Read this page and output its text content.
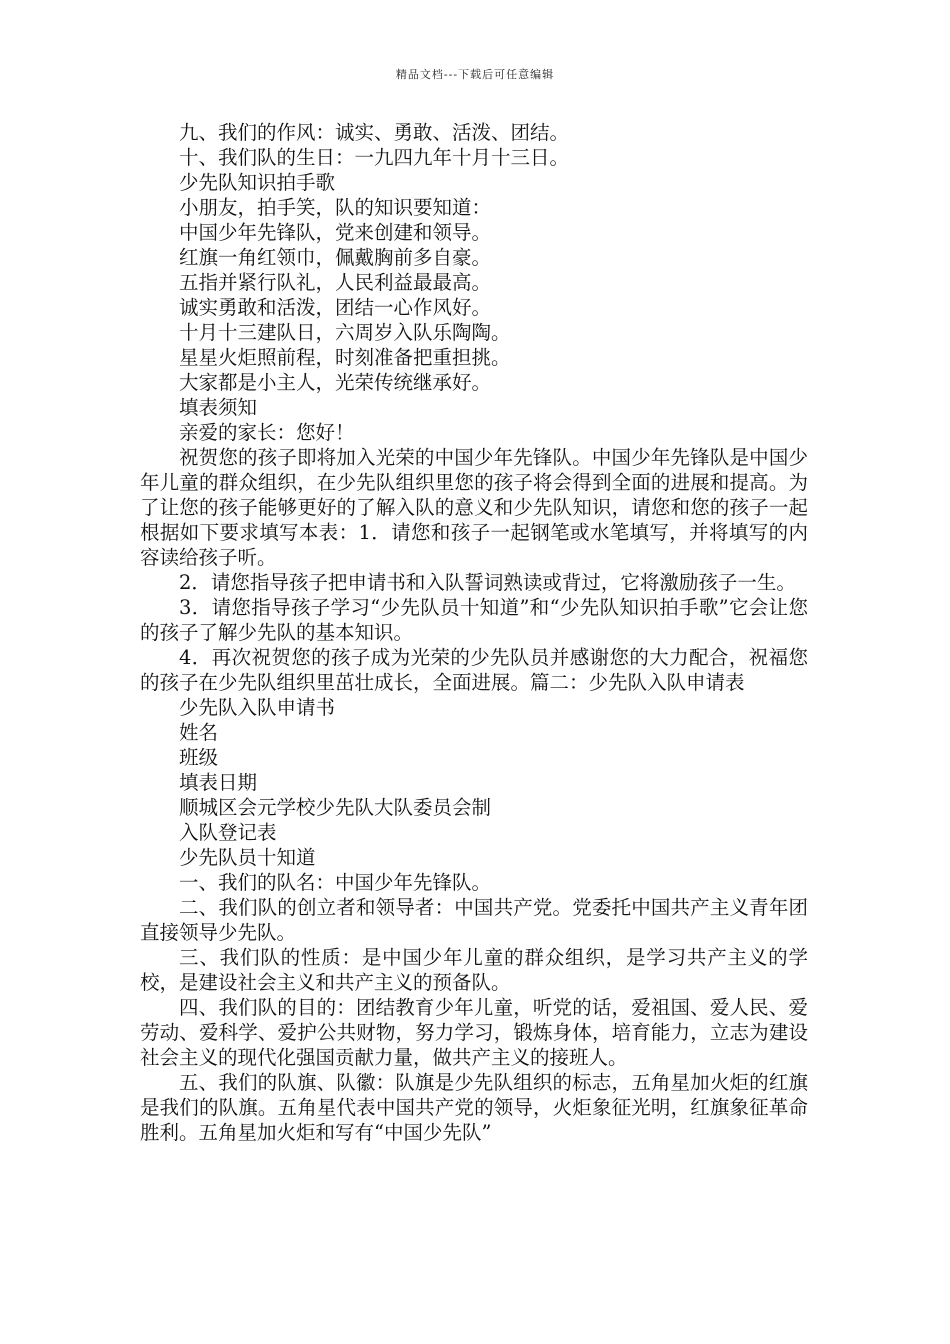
精品文档---下载后可任意编辑

九、我们的作风：诚实、勇敢、活泼、团结。

十、我们队的生日：一九四九年十月十三日。

少先队知识拍手歌

小朋友，拍手笑，队的知识要知道：

中国少年先锋队，党来创建和领导。

红旗一角红领巾，佩戴胸前多自豪。

五指并紧行队礼，人民利益最最高。

诚实勇敢和活泼，团结一心作风好。

十月十三建队日，六周岁入队乐陶陶。

星星火炬照前程，时刻准备把重担挑。

大家都是小主人，光荣传统继承好。

填表须知

亲爱的家长：您好！

祝贺您的孩子即将加入光荣的中国少年先锋队。中国少年先锋队是中国少年儿童的群众组织，在少先队组织里您的孩子将会得到全面的进展和提高。为了让您的孩子能够更好的了解入队的意义和少先队知识，请您和您的孩子一起根据如下要求填写本表：1．请您和孩子一起钢笔或水笔填写，并将填写的内容读给孩子听。

2．请您指导孩子把申请书和入队誓词熟读或背过，它将激励孩子一生。

3．请您指导孩子学习“少先队员十知道”和“少先队知识拍手歌”它会让您的孩子了解少先队的基本知识。

4．再次祝贺您的孩子成为光荣的少先队员并感谢您的大力配合，祝福您的孩子在少先队组织里茁壮成长，全面进展。篇二：少先队入队申请表

少先队入队申请书

姓名

班级

填表日期

顺城区会元学校少先队大队委员会制

入队登记表

少先队员十知道

一、我们的队名：中国少年先锋队。

二、我们队的创立者和领导者：中国共产党。党委托中国共产主义青年团直接领导少先队。

三、我们队的性质：是中国少年儿童的群众组织，是学习共产主义的学校，是建设社会主义和共产主义的预备队。

四、我们队的目的：团结教育少年儿童，听党的话，爱祖国、爱人民、爱劳动、爱科学、爱护公共财物，努力学习，锻炼身体，培育能力，立志为建设社会主义的现代化强国贡献力量，做共产主义的接班人。

五、我们的队旗、队徽：队旗是少先队组织的标志，五角星加火炬的红旗是我们的队旗。五角星代表中国共产党的领导，火炬象征光明，红旗象征革命胜利。五角星加火炬和写有“中国少先队”
